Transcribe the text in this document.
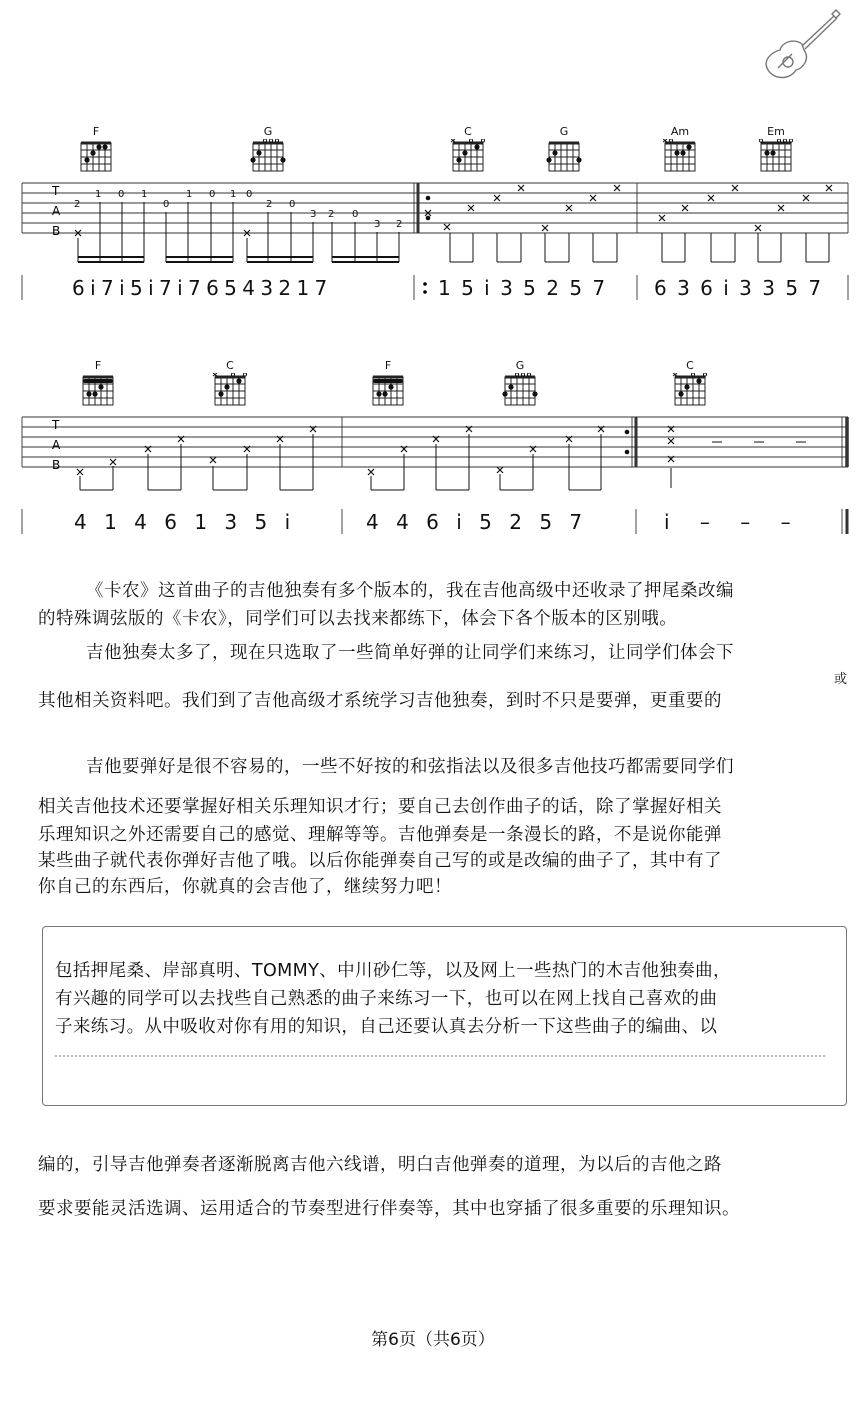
F	G	C	G	Am	Em
T
A
B
1 0 1
0
1 0 1 0
2	2 0
3 2 0
3 2
6 i 7 i 5 i 7 i 7 6 5 4 3 2 1 7	1 5 i 3 5 2 5 7 6 3 6 i 3 3 5 7
F	C	F	G	C
T
A
B
4 1 4 6 1 3 5 i	4 4 6 i 5 2 5 7	i – – –
《卡农》这首曲子的吉他独奏有多个版本的，我在吉他高级中还收录了押尾桑改编
的特殊调弦版的《卡农》，同学们可以去找来都练下，体会下各个版本的区别哦。
吉他独奏太多了，现在只选取了一些简单好弹的让同学们来练习，让同学们体会下
或
其他相关资料吧。我们到了吉他高级才系统学习吉他独奏，到时不只是要弹，更重要的
吉他要弹好是很不容易的，一些不好按的和弦指法以及很多吉他技巧都需要同学们
相关吉他技术还要掌握好相关乐理知识才行；要自己去创作曲子的话，除了掌握好相关
乐理知识之外还需要自己的感觉、理解等等。吉他弹奏是一条漫长的路，不是说你能弹
某些曲子就代表你弹好吉他了哦。以后你能弹奏自己写的或是改编的曲子了，其中有了
你自己的东西后，你就真的会吉他了，继续努力吧！

包括押尾桑、岸部真明、TOMMY、中川砂仁等，以及网上一些热门的木吉他独奏曲，

有兴趣的同学可以去找些自己熟悉的曲子来练习一下，也可以在网上找自己喜欢的曲

子来练习。从中吸收对你有用的知识，自己还要认真去分析一下这些曲子的编曲、以

编的，引导吉他弹奏者逐渐脱离吉他六线谱，明白吉他弹奏的道理，为以后的吉他之路
要求要能灵活选调、运用适合的节奏型进行伴奏等，其中也穿插了很多重要的乐理知识。
第6页（共6页）
